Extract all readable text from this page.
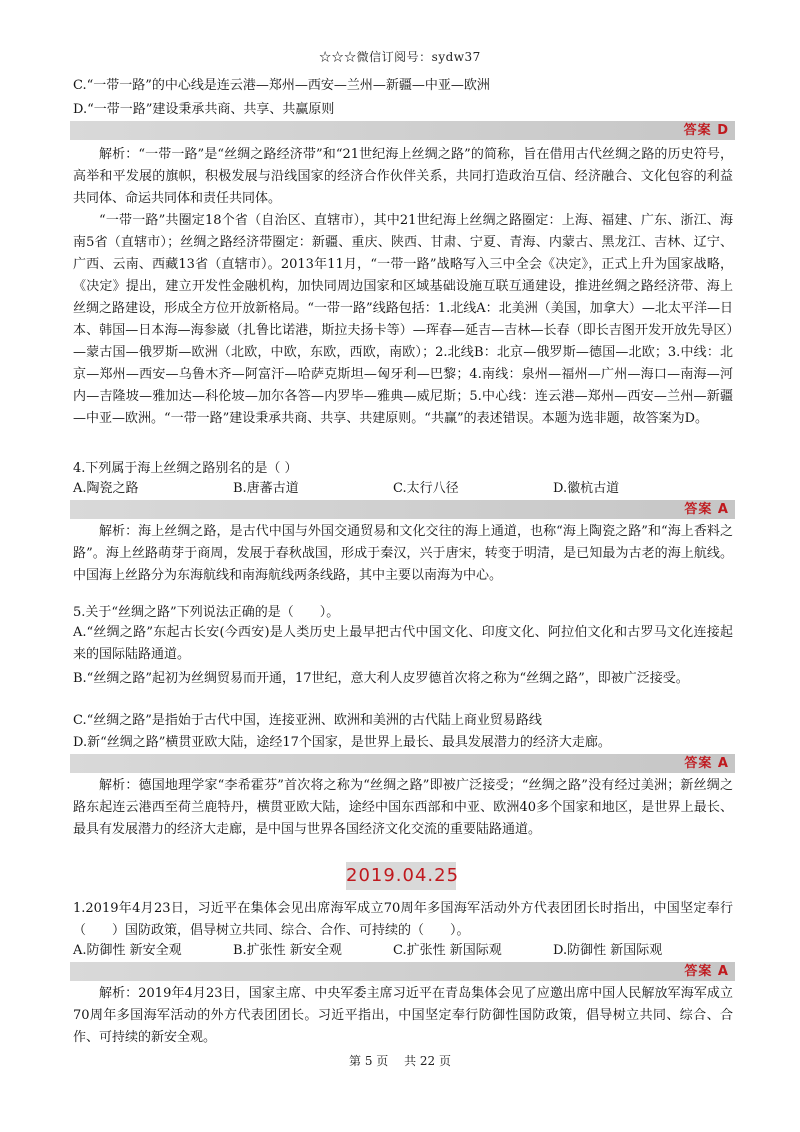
☆☆☆微信订阅号：sydw37
C.“一带一路”的中心线是连云港—郑州—西安—兰州—新疆—中亚—欧洲
D.“一带一路”建设秉承共商、共享、共赢原则
答案 D
解析：“一带一路”是“丝绸之路经济带”和“21世纪海上丝绸之路”的简称，旨在借用古代丝绸之路的历史符号，高举和平发展的旗帜，积极发展与沿线国家的经济合作伙伴关系，共同打造政治互信、经济融合、文化包容的利益共同体、命运共同体和责任共同体。
“一带一路”共圈定18个省（自治区、直辖市），其中21世纪海上丝绸之路圈定：上海、福建、广东、浙江、海南5省（直辖市）；丝绸之路经济带圈定：新疆、重庆、陕西、甘肃、宁夏、青海、内蒙古、黑龙江、吉林、辽宁、广西、云南、西藏13省（直辖市）。2013年11月，“一带一路”战略写入三中全会《决定》，正式上升为国家战略，《决定》提出，建立开发性金融机构，加快同周边国家和区域基础设施互联互通建设，推进丝绸之路经济带、海上丝绸之路建设，形成全方位开放新格局。“一带一路”线路包括：1.北线A：北美洲（美国，加拿大）—北太平洋—日本、韩国—日本海—海参崴（扎鲁比诺港，斯拉夫扬卡等）—珲春—延吉—吉林—长春（即长吉图开发开放先导区）—蒙古国—俄罗斯—欧洲（北欧，中欧，东欧，西欧，南欧）；2.北线B：北京—俄罗斯—德国—北欧；3.中线：北京—郑州—西安—乌鲁木齐—阿富汗—哈萨克斯坦—匈牙利—巴黎；4.南线：泉州—福州—广州—海口—南海—河内—吉隆坡—雅加达—科伦坡—加尔各答—内罗毕—雅典—威尼斯；5.中心线：连云港—郑州—西安—兰州—新疆—中亚—欧洲。“一带一路”建设秉承共商、共享、共建原则。“共赢”的表述错误。本题为选非题，故答案为D。
4.下列属于海上丝绸之路别名的是（ ）
A.陶瓷之路	B.唐蕃古道	C.太行八径	D.徽杭古道
答案 A
解析：海上丝绸之路，是古代中国与外国交通贸易和文化交往的海上通道，也称“海上陶瓷之路”和“海上香料之路”。海上丝路萌芽于商周，发展于春秋战国，形成于秦汉，兴于唐宋，转变于明清，是已知最为古老的海上航线。中国海上丝路分为东海航线和南海航线两条线路，其中主要以南海为中心。
5.关于“丝绸之路”下列说法正确的是（　　）。
A.“丝绸之路”东起古长安(今西安)是人类历史上最早把古代中国文化、印度文化、阿拉伯文化和古罗马文化连接起来的国际陆路通道。
B.“丝绸之路”起初为丝绸贸易而开通，17世纪，意大利人皮罗德首次将之称为“丝绸之路”，即被广泛接受。
C.“丝绸之路”是指始于古代中国，连接亚洲、欧洲和美洲的古代陆上商业贸易路线
D.新“丝绸之路”横贯亚欧大陆，途经17个国家，是世界上最长、最具发展潜力的经济大走廊。
答案 A
解析：德国地理学家“李希霍芬”首次将之称为“丝绸之路”即被广泛接受；“丝绸之路”没有经过美洲；新丝绸之路东起连云港西至荷兰鹿特丹，横贯亚欧大陆，途经中国东西部和中亚、欧洲40多个国家和地区，是世界上最长、最具有发展潜力的经济大走廊，是中国与世界各国经济文化交流的重要陆路通道。
2019.04.25
1.2019年4月23日，习近平在集体会见出席海军成立70周年多国海军活动外方代表团团长时指出，中国坚定奉行（　　）国防政策，倡导树立共同、综合、合作、可持续的（　　）。
A.防御性 新安全观	B.扩张性 新安全观	C.扩张性 新国际观	D.防御性 新国际观
答案 A
解析：2019年4月23日，国家主席、中央军委主席习近平在青岛集体会见了应邀出席中国人民解放军海军成立70周年多国海军活动的外方代表团团长。习近平指出，中国坚定奉行防御性国防政策，倡导树立共同、综合、合作、可持续的新安全观。
第 5 页　 共 22 页
